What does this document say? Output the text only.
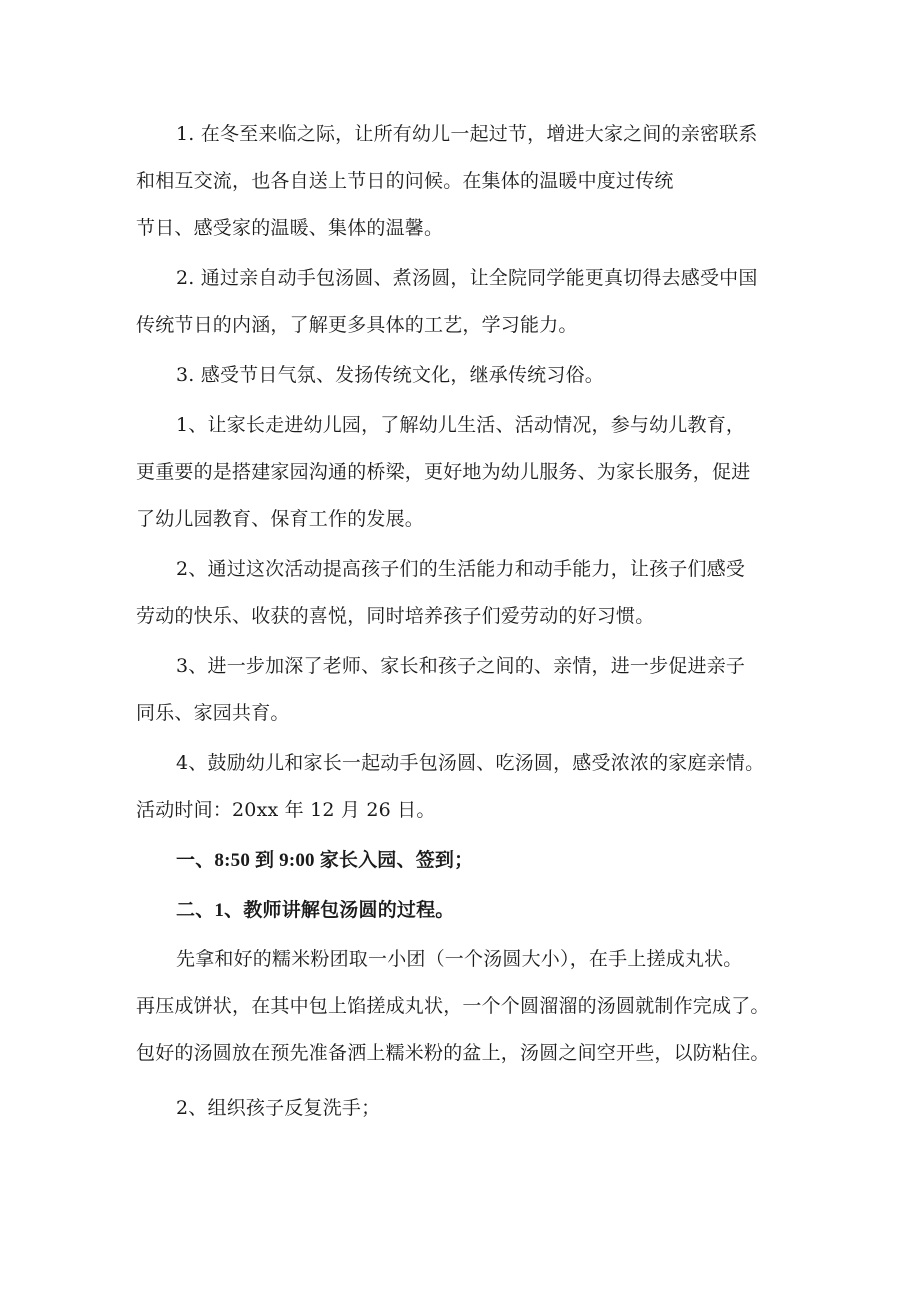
1. 在冬至来临之际，让所有幼儿一起过节，增进大家之间的亲密联系
和相互交流，也各自送上节日的问候。在集体的温暖中度过传统
节日、感受家的温暖、集体的温馨。
2. 通过亲自动手包汤圆、煮汤圆，让全院同学能更真切得去感受中国
传统节日的内涵，了解更多具体的工艺，学习能力。
3. 感受节日气氛、发扬传统文化，继承传统习俗。
1、让家长走进幼儿园，了解幼儿生活、活动情况，参与幼儿教育，
更重要的是搭建家园沟通的桥梁，更好地为幼儿服务、为家长服务，促进
了幼儿园教育、保育工作的发展。
2、通过这次活动提高孩子们的生活能力和动手能力，让孩子们感受
劳动的快乐、收获的喜悦，同时培养孩子们爱劳动的好习惯。
3、进一步加深了老师、家长和孩子之间的、亲情，进一步促进亲子
同乐、家园共育。
4、鼓励幼儿和家长一起动手包汤圆、吃汤圆，感受浓浓的家庭亲情。
活动时间：20xx 年 12 月 26 日。
一、8:50 到 9:00 家长入园、签到；
二、1、教师讲解包汤圆的过程。
先拿和好的糯米粉团取一小团（一个汤圆大小），在手上搓成丸状。
再压成饼状，在其中包上馅搓成丸状，一个个圆溜溜的汤圆就制作完成了。
包好的汤圆放在预先准备洒上糯米粉的盆上，汤圆之间空开些，以防粘住。
2、组织孩子反复洗手；
